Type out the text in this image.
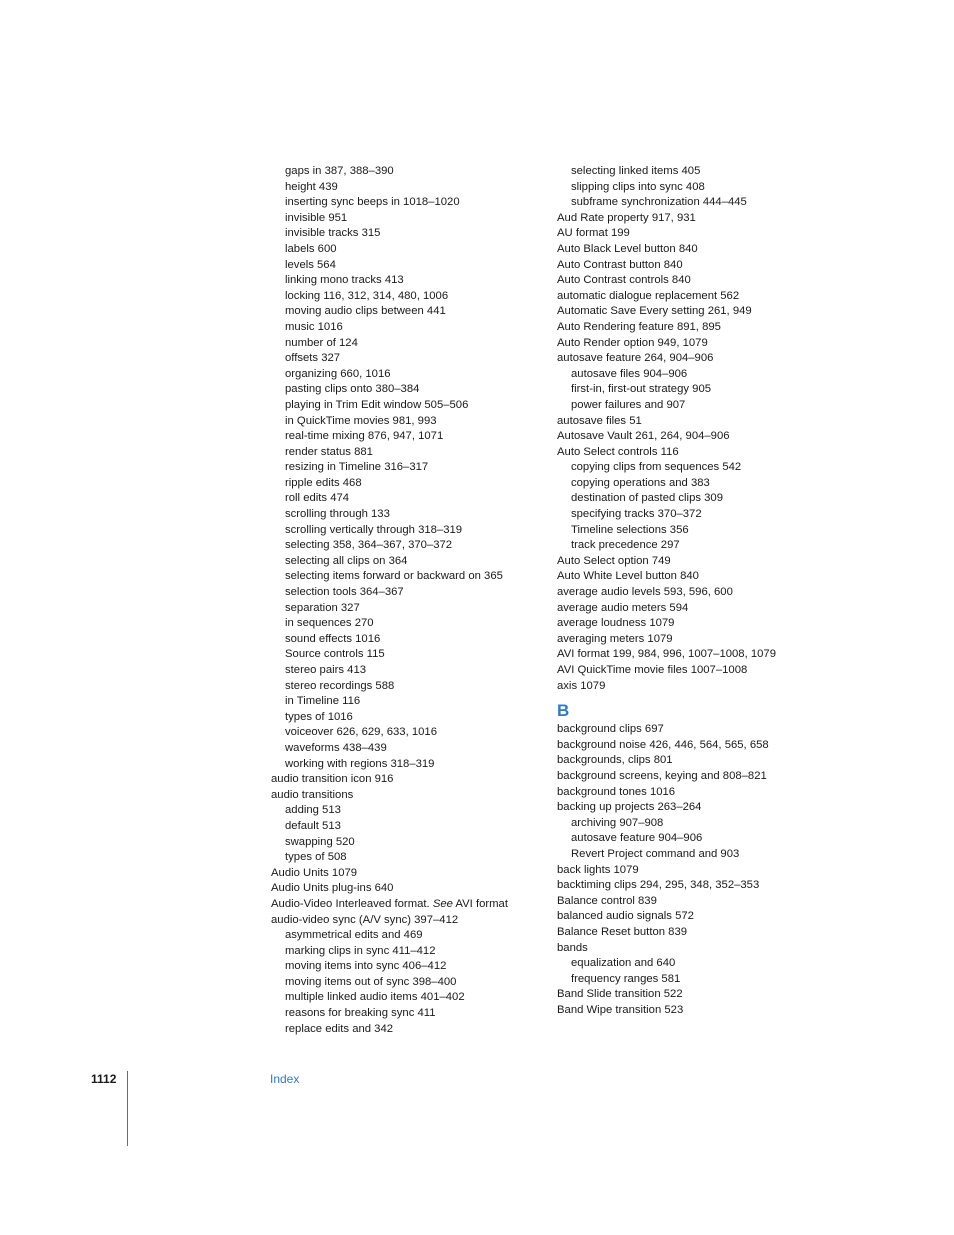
gaps in 387, 388–390
height 439
inserting sync beeps in 1018–1020
invisible 951
invisible tracks 315
labels 600
levels 564
linking mono tracks 413
locking 116, 312, 314, 480, 1006
moving audio clips between 441
music 1016
number of 124
offsets 327
organizing 660, 1016
pasting clips onto 380–384
playing in Trim Edit window 505–506
in QuickTime movies 981, 993
real-time mixing 876, 947, 1071
render status 881
resizing in Timeline 316–317
ripple edits 468
roll edits 474
scrolling through 133
scrolling vertically through 318–319
selecting 358, 364–367, 370–372
selecting all clips on 364
selecting items forward or backward on 365
selection tools 364–367
separation 327
in sequences 270
sound effects 1016
Source controls 115
stereo pairs 413
stereo recordings 588
in Timeline 116
types of 1016
voiceover 626, 629, 633, 1016
waveforms 438–439
working with regions 318–319
audio transition icon 916
audio transitions
adding 513
default 513
swapping 520
types of 508
Audio Units 1079
Audio Units plug-ins 640
Audio-Video Interleaved format. See AVI format
audio-video sync (A/V sync) 397–412
asymmetrical edits and 469
marking clips in sync 411–412
moving items into sync 406–412
moving items out of sync 398–400
multiple linked audio items 401–402
reasons for breaking sync 411
replace edits and 342
selecting linked items 405
slipping clips into sync 408
subframe synchronization 444–445
Aud Rate property 917, 931
AU format 199
Auto Black Level button 840
Auto Contrast button 840
Auto Contrast controls 840
automatic dialogue replacement 562
Automatic Save Every setting 261, 949
Auto Rendering feature 891, 895
Auto Render option 949, 1079
autosave feature 264, 904–906
autosave files 904–906
first-in, first-out strategy 905
power failures and 907
autosave files 51
Autosave Vault 261, 264, 904–906
Auto Select controls 116
copying clips from sequences 542
copying operations and 383
destination of pasted clips 309
specifying tracks 370–372
Timeline selections 356
track precedence 297
Auto Select option 749
Auto White Level button 840
average audio levels 593, 596, 600
average audio meters 594
average loudness 1079
averaging meters 1079
AVI format 199, 984, 996, 1007–1008, 1079
AVI QuickTime movie files 1007–1008
axis 1079
B
background clips 697
background noise 426, 446, 564, 565, 658
backgrounds, clips 801
background screens, keying and 808–821
background tones 1016
backing up projects 263–264
archiving 907–908
autosave feature 904–906
Revert Project command and 903
back lights 1079
backtiming clips 294, 295, 348, 352–353
Balance control 839
balanced audio signals 572
Balance Reset button 839
bands
equalization and 640
frequency ranges 581
Band Slide transition 522
Band Wipe transition 523
1112	Index
